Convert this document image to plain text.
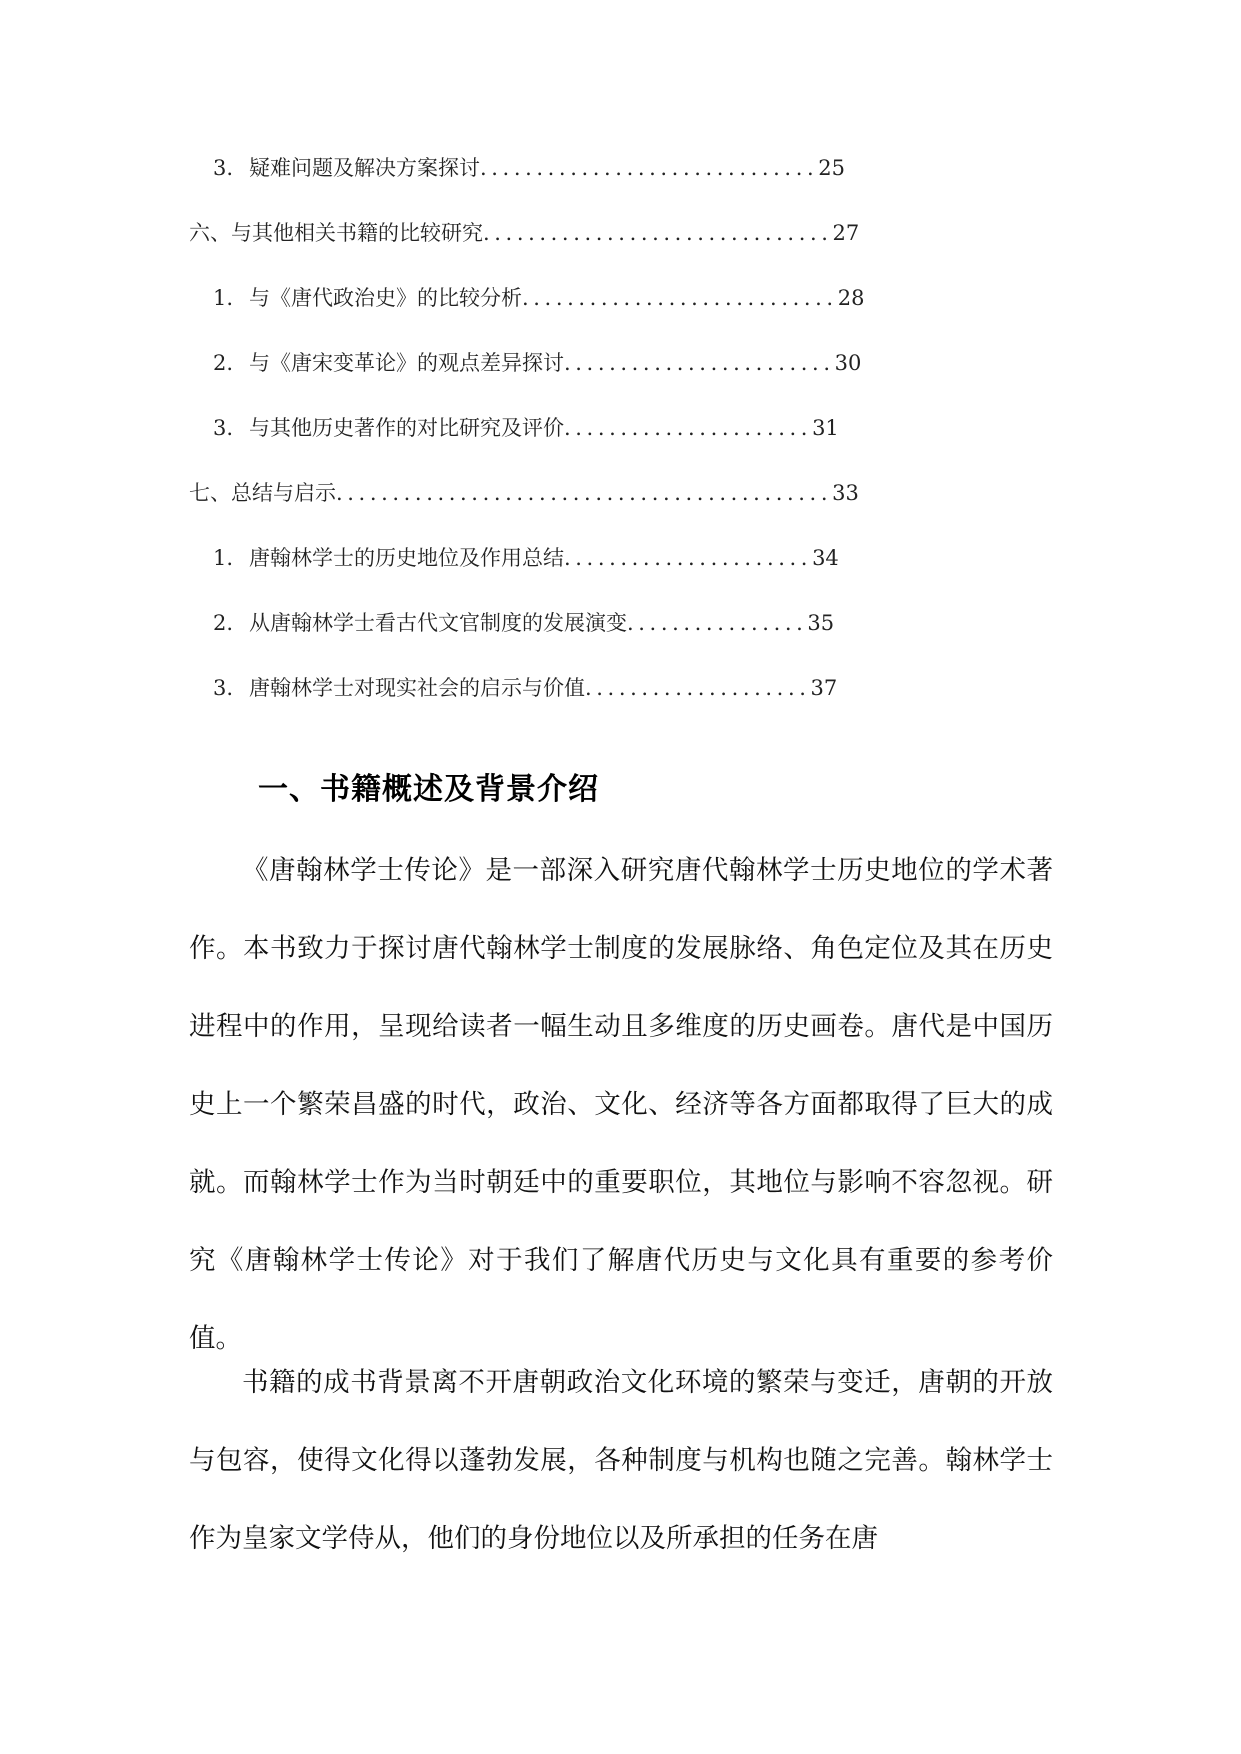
3. 疑难问题及解决方案探讨 .............................. 25
六、与其他相关书籍的比较研究 ............................... 27
1. 与《唐代政治史》的比较分析 ............................ 28
2. 与《唐宋变革论》的观点差异探讨 ........................ 30
3. 与其他历史著作的对比研究及评价 ...................... 31
七、总结与启示 ............................................ 33
1. 唐翰林学士的历史地位及作用总结 ...................... 34
2. 从唐翰林学士看古代文官制度的发展演变 ................ 35
3. 唐翰林学士对现实社会的启示与价值 .................... 37
一、书籍概述及背景介绍

《唐翰林学士传论》是一部深入研究唐代翰林学士历史地位的学术著作。本书致力于探讨唐代翰林学士制度的发展脉络、角色定位及其在历史进程中的作用，呈现给读者一幅生动且多维度的历史画卷。唐代是中国历史上一个繁荣昌盛的时代，政治、文化、经济等各方面都取得了巨大的成就。而翰林学士作为当时朝廷中的重要职位，其地位与影响不容忽视。研究《唐翰林学士传论》对于我们了解唐代历史与文化具有重要的参考价值。

书籍的成书背景离不开唐朝政治文化环境的繁荣与变迁，唐朝的开放与包容，使得文化得以蓬勃发展，各种制度与机构也随之完善。翰林学士作为皇家文学侍从，他们的身份地位以及所承担的任务在唐
